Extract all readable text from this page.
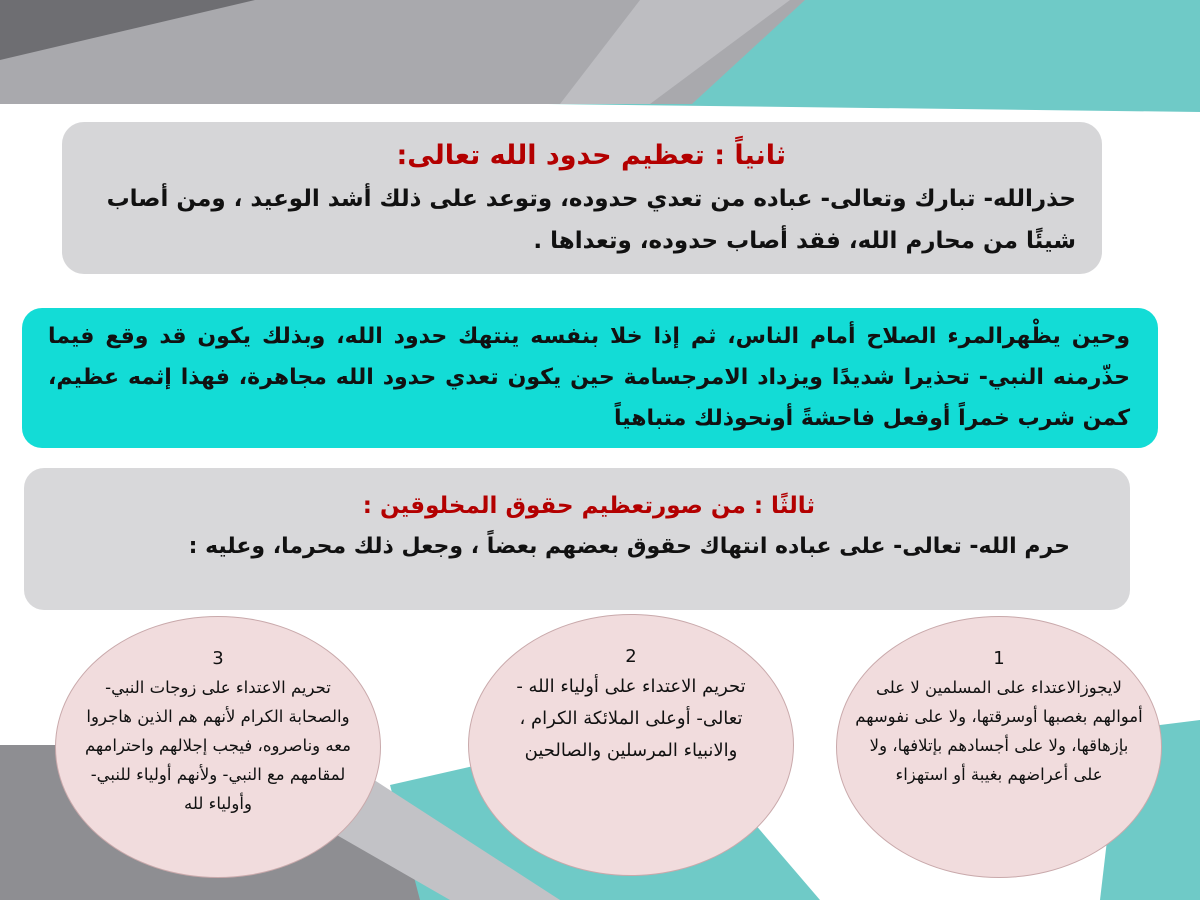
ثانياً : تعظيم حدود الله تعالى:

حذرالله- تبارك وتعالى- عباده من تعدي حدوده، وتوعد على ذلك أشد الوعيد ، ومن أصاب شيئًا من محارم الله، فقد أصاب حدوده، وتعداها .

وحين يظْهرالمرء الصلاح أمام الناس، ثم إذا خلا بنفسه ينتهك حدود الله، وبذلك يكون قد وقع فيما حذّرمنه النبي- تحذيرا شديدًا ويزداد الامرجسامة حين يكون تعدي حدود الله مجاهرة، فهذا إثمه عظيم، كمن شرب خمراً أوفعل فاحشةً أونحوذلك متباهياً

ثالثًا : من صورتعظيم حقوق المخلوقين :

حرم الله- تعالى- على عباده انتهاك حقوق بعضهم بعضاً ، وجعل ذلك محرما، وعليه :

1

لايجوزالاعتداء على المسلمين لا على أموالهم بغصبها أوسرقتها، ولا على نفوسهم بإزهاقها، ولا على أجسادهم بإتلافها، ولا على أعراضهم بغيبة أو استهزاء

2

تحريم الاعتداء على أولياء الله - تعالى- أوعلى الملائكة الكرام ، والانبياء المرسلين والصالحين

3

تحريم الاعتداء على زوجات النبي- والصحابة الكرام لأنهم هم الذين هاجروا معه وناصروه، فيجب إجلالهم واحترامهم لمقامهم مع النبي- ولأنهم أولياء للنبي- وأولياء لله
